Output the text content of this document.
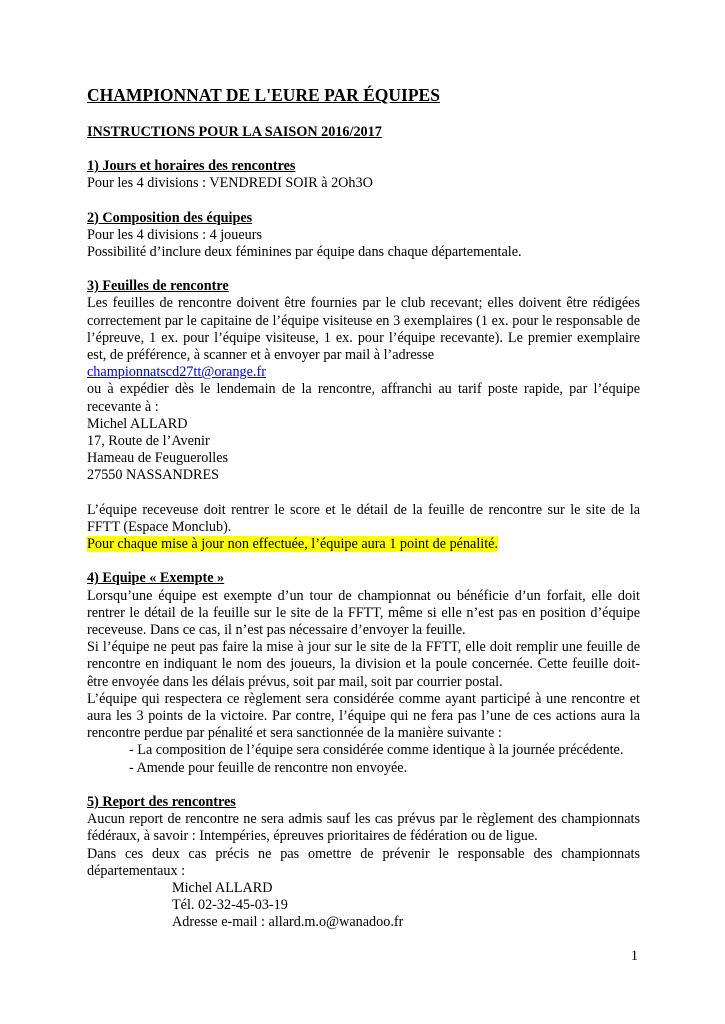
CHAMPIONNAT DE L'EURE PAR ÉQUIPES
INSTRUCTIONS POUR LA SAISON 2016/2017
1) Jours et horaires des rencontres

Pour les 4 divisions : VENDREDI SOIR à 2Oh3O

2) Composition des équipes

Pour les 4 divisions : 4 joueurs

Possibilité d’inclure deux féminines par équipe dans chaque départementale.

3) Feuilles de rencontre

Les feuilles de rencontre doivent être fournies par le club recevant; elles doivent être rédigées correctement par le capitaine de l’équipe visiteuse en 3 exemplaires (1 ex. pour le responsable de l’épreuve, 1 ex. pour l’équipe visiteuse, 1 ex. pour l’équipe recevante). Le premier exemplaire est, de préférence, à scanner et à envoyer par mail à l’adresse

championnatscd27tt@orange.fr

ou à expédier dès le lendemain de la rencontre, affranchi au tarif poste rapide, par l’équipe recevante à :

Michel ALLARD

17, Route de l’Avenir

Hameau de Feuguerolles

27550 NASSANDRES

L’équipe receveuse doit rentrer le score et le détail de la feuille de rencontre sur le site de la FFTT (Espace Monclub).

Pour chaque mise à jour non effectuée, l’équipe aura 1 point de pénalité.

4) Equipe « Exempte »

Lorsqu’une équipe est exempte d’un tour de championnat ou bénéficie d’un forfait, elle doit rentrer le détail de la feuille sur le site de la FFTT, même si elle n’est pas en position d’équipe receveuse. Dans ce cas, il n’est pas nécessaire d’envoyer la feuille.

Si l’équipe ne peut pas faire la mise à jour sur le site de la FFTT, elle doit remplir une feuille de rencontre en indiquant le nom des joueurs, la division et la poule concernée. Cette feuille doit-être envoyée dans les délais prévus, soit par mail, soit par courrier postal.

L’équipe qui respectera ce règlement sera considérée comme ayant participé à une rencontre et aura les 3 points de la victoire. Par contre, l’équipe qui ne fera pas l’une de ces actions aura la rencontre perdue par pénalité et sera sanctionnée de la manière suivante :

- La composition de l’équipe sera considérée comme identique à la journée précédente.

- Amende pour feuille de rencontre non envoyée.

5) Report des rencontres

Aucun report de rencontre ne sera admis sauf les cas prévus par le règlement des championnats fédéraux, à savoir : Intempéries, épreuves prioritaires de fédération ou de ligue.

Dans ces deux cas précis ne pas omettre de prévenir le responsable des championnats départementaux :

Michel ALLARD

Tél. 02-32-45-03-19

Adresse e-mail : allard.m.o@wanadoo.fr

1
